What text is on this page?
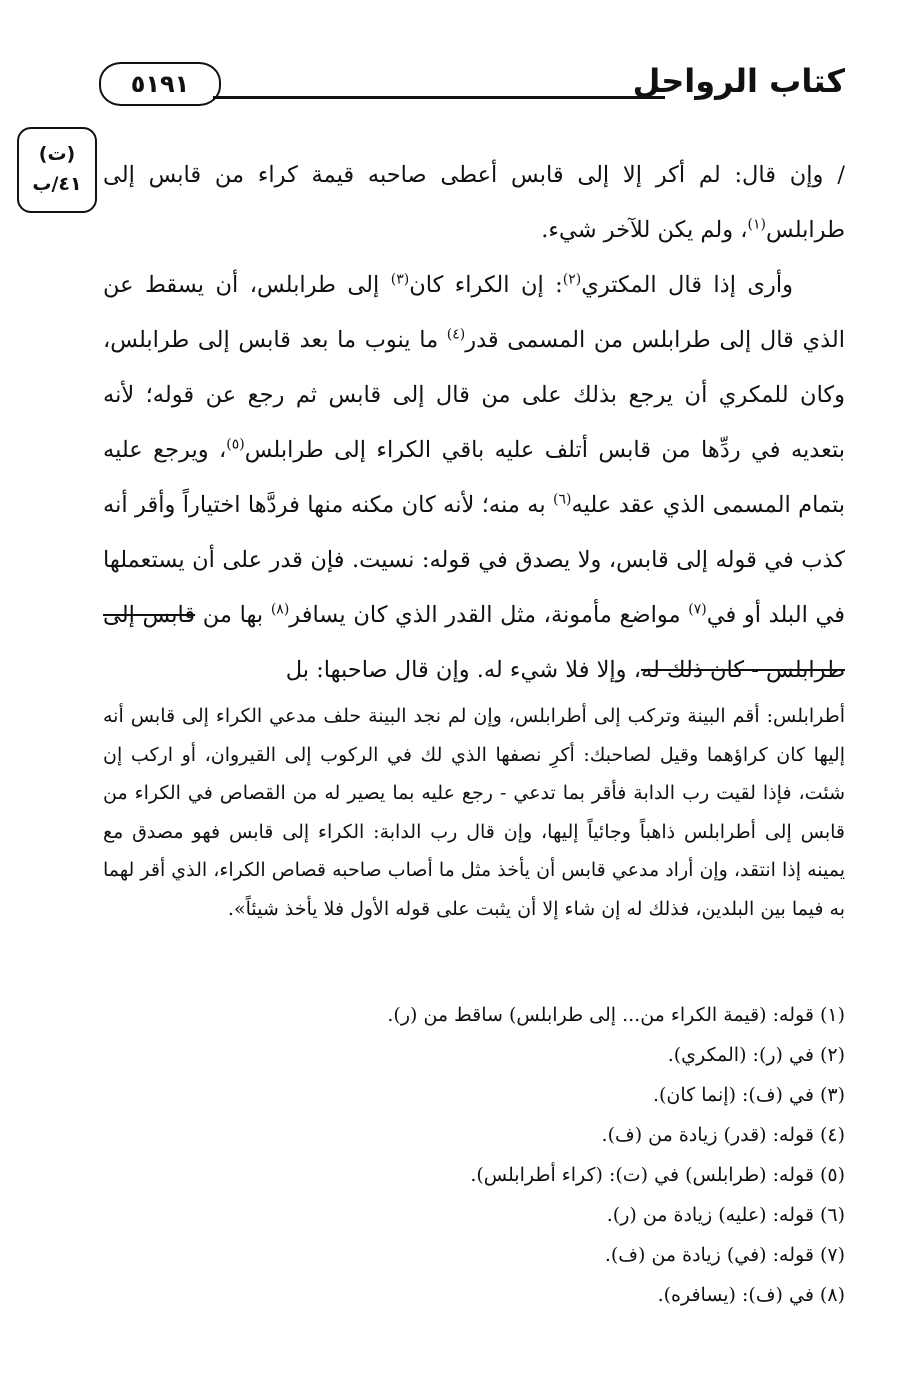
كتاب الرواحل
٥١٩١
(ت)
٤١/ب	/وإن قال: لم أكر إلا إلى قابس أعطى صاحبه قيمة كراء من قابس إلى طرابلس$^{(١)}$، ولم يكن للآخر شيء.

وأرى إذا قال المكتري$^{(٢)}$: إن الكراء كان$^{(٣)}$ إلى طرابلس، أن يسقط عن الذي قال إلى طرابلس من المسمى قدر$^{(٤)}$ ما ينوب ما بعد قابس إلى طرابلس، وكان للمكري أن يرجع بذلك على من قال إلى قابس ثم رجع عن قوله؛ لأنه بتعديه في ردِّها من قابس أتلف عليه باقي الكراء إلى طرابلس$^{(٥)}$، ويرجع عليه بتمام المسمى الذي عقد عليه$^{(٦)}$ به منه؛ لأنه كان مكنه منها فردَّها اختياراً وأقر أنه كذب في قوله إلى قابس، ولا يصدق في قوله: نسيت. فإن قدر على أن يستعملها في البلد أو في$^{(٧)}$ مواضع مأمونة، مثل القدر الذي كان يسافر$^{(٨)}$ بها من قابس إلى طرابلس - كان ذلك له، وإلا فلا شيء له. وإن قال صاحبها: بل

أطرابلس: أقم البينة وتركب إلى أطرابلس، وإن لم نجد البينة حلف مدعي الكراء إلى قابس أنه إليها كان كراؤهما وقيل لصاحبك: أكرِ نصفها الذي لك في الركوب إلى القيروان، أو اركب إن شئت، فإذا لقيت رب الدابة فأقر بما تدعي - رجع عليه بما يصير له من القصاص في الكراء من قابس إلى أطرابلس ذاهباً وجائياً إليها، وإن قال رب الدابة: الكراء إلى قابس فهو مصدق مع يمينه إذا انتقد، وإن أراد مدعي قابس أن يأخذ مثل ما أصاب صاحبه قصاص الكراء، الذي أقر لهما به فيما بين البلدين، فذلك له إن شاء إلا أن يثبت على قوله الأول فلا يأخذ شيئاً».

(١) قوله: (قيمة الكراء من... إلى طرابلس) ساقط من (ر).
(٢) في (ر): (المكري).
(٣) في (ف): (إنما كان).
(٤) قوله: (قدر) زيادة من (ف).
(٥) قوله: (طرابلس) في (ت): (كراء أطرابلس).
(٦) قوله: (عليه) زيادة من (ر).
(٧) قوله: (في) زيادة من (ف).
(٨) في (ف): (يسافره).
